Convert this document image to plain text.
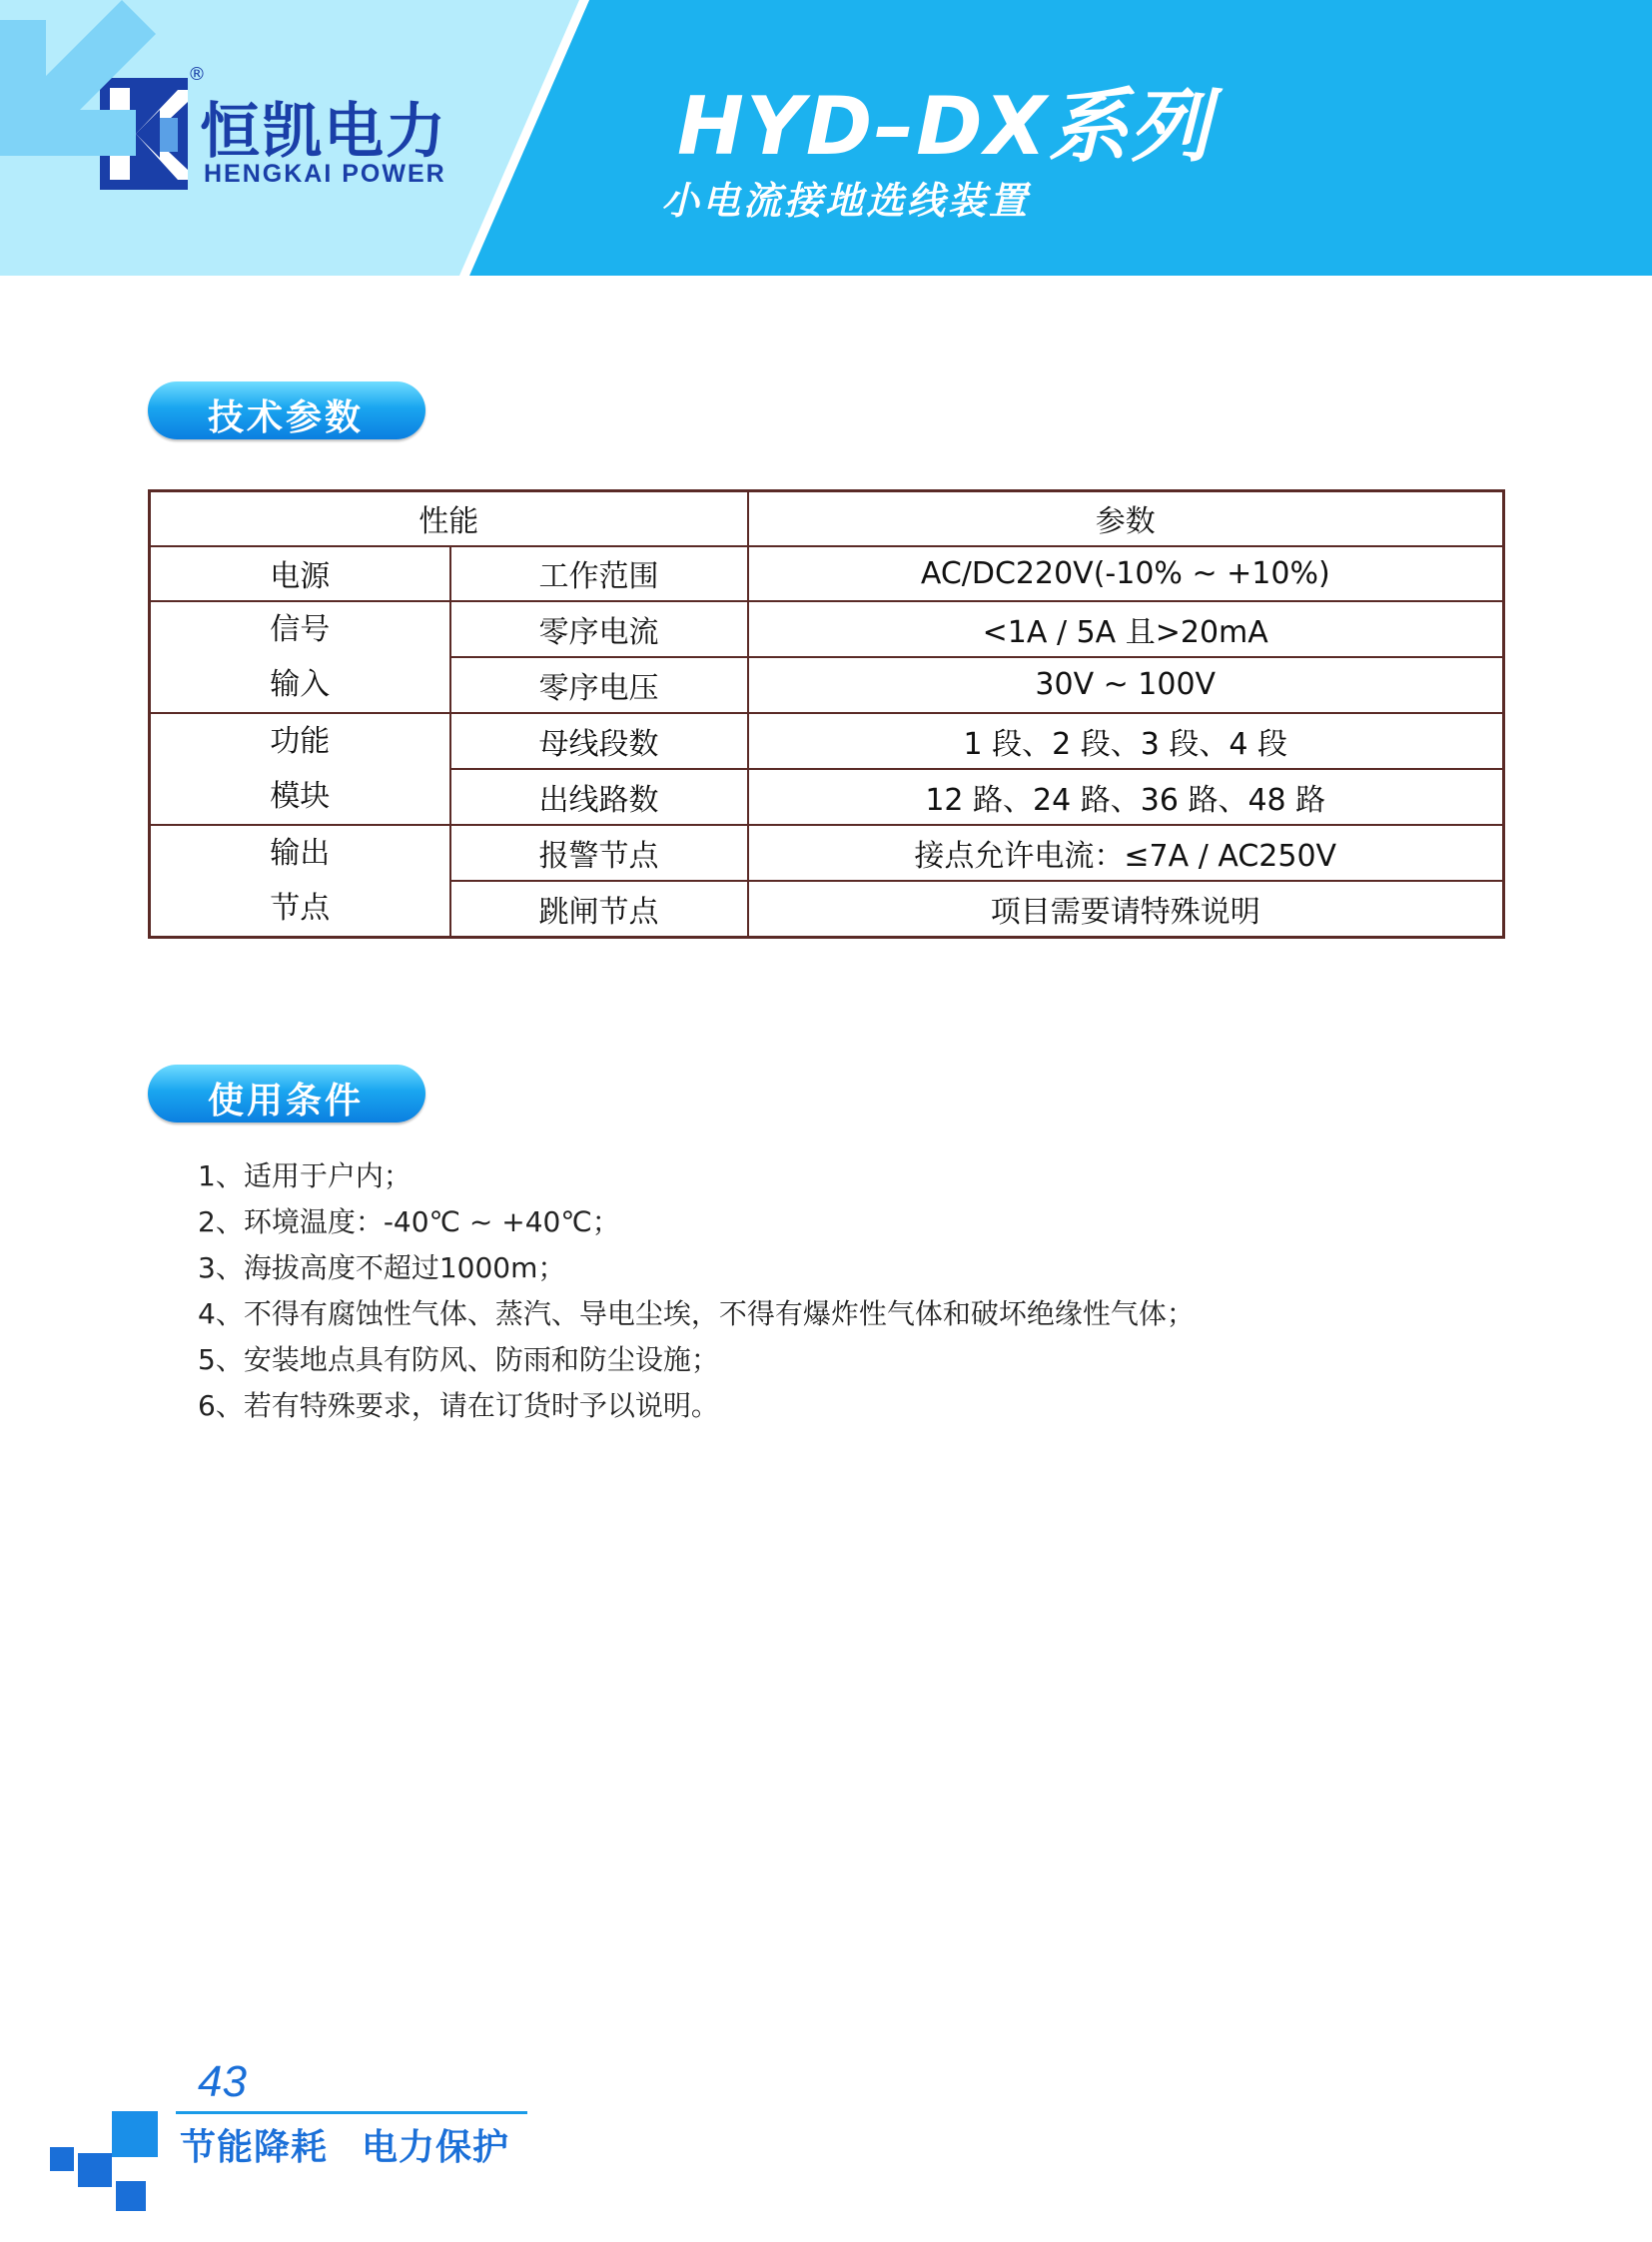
®
恒凯电力
HENGKAI POWER
HYD–DX系列
小电流接地选线装置
技术参数
性能		参数
电源	工作范围	AC/DC220V(-10% ~ +10%)

信号
输入	零序电流	<1A / 5A 且>20mA
	零序电压	30V ~ 100V

功能
模块	母线段数	1 段、2 段、3 段、4 段
	出线路数	12 路、24 路、36 路、48 路

输出
节点	报警节点	接点允许电流：≤7A / AC250V
	跳闸节点	项目需要请特殊说明
使用条件
1、适用于户内；
2、环境温度：-40℃ ~ +40℃；
3、海拔高度不超过1000m；
4、不得有腐蚀性气体、蒸汽、导电尘埃，不得有爆炸性气体和破坏绝缘性气体；
5、安装地点具有防风、防雨和防尘设施；
6、若有特殊要求，请在订货时予以说明。
43
节能降耗 电力保护
